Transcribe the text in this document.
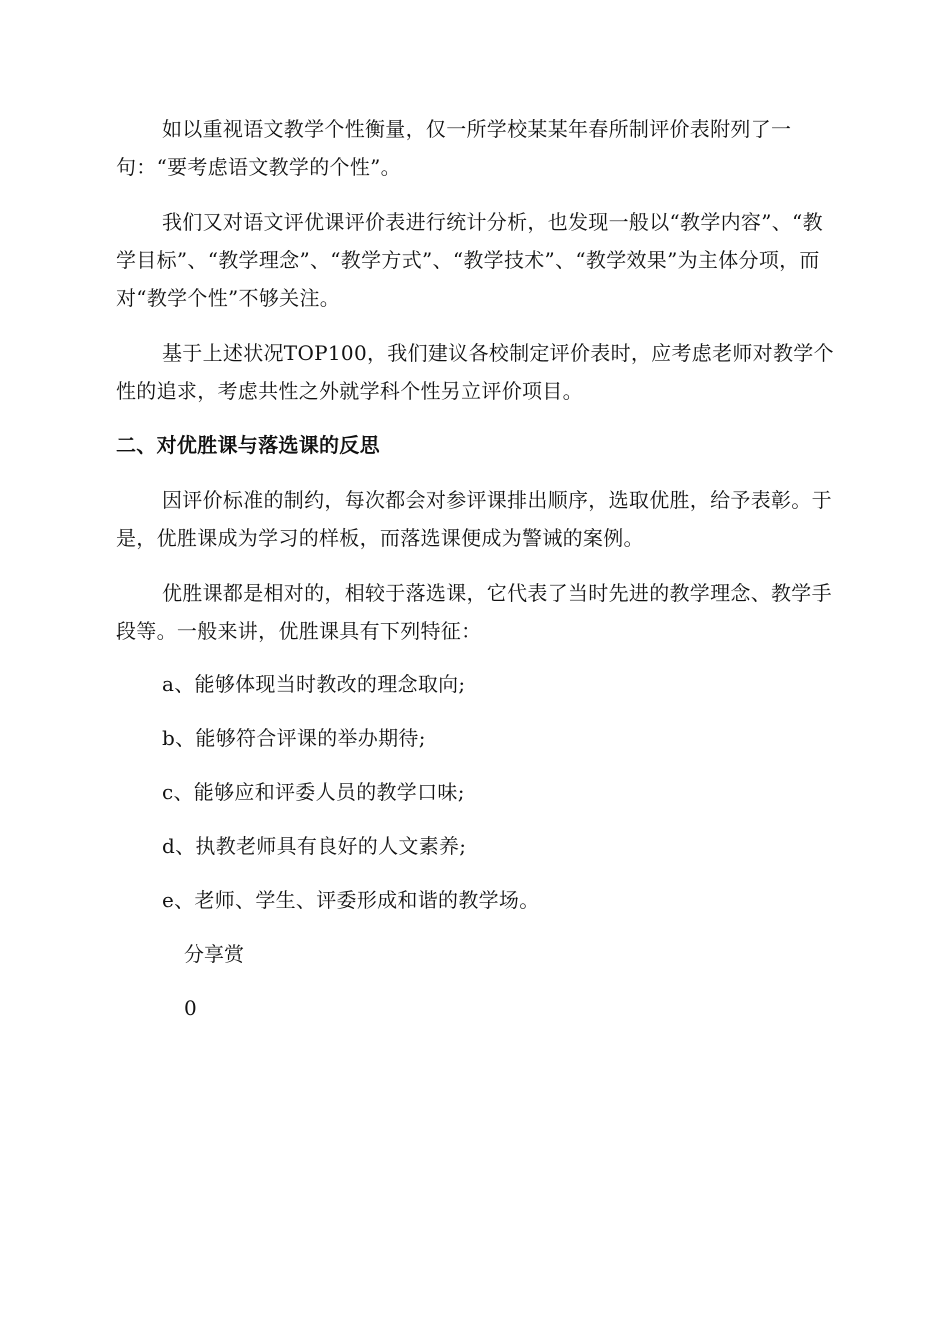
如以重视语文教学个性衡量，仅一所学校某某年春所制评价表附列了一句：“要考虑语文教学的个性”。

我们又对语文评优课评价表进行统计分析，也发现一般以“教学内容”、“教学目标”、“教学理念”、“教学方式”、“教学技术”、“教学效果”为主体分项，而对“教学个性”不够关注。

基于上述状况TOP100，我们建议各校制定评价表时，应考虑老师对教学个性的追求，考虑共性之外就学科个性另立评价项目。

二、对优胜课与落选课的反思

因评价标准的制约，每次都会对参评课排出顺序，选取优胜，给予表彰。于是，优胜课成为学习的样板，而落选课便成为警诫的案例。

优胜课都是相对的，相较于落选课，它代表了当时先进的教学理念、教学手段等。一般来讲，优胜课具有下列特征：

a、能够体现当时教改的理念取向;

b、能够符合评课的举办期待;

c、能够应和评委人员的教学口味;

d、执教老师具有良好的人文素养;

e、老师、学生、评委形成和谐的教学场。

分享赏

0
